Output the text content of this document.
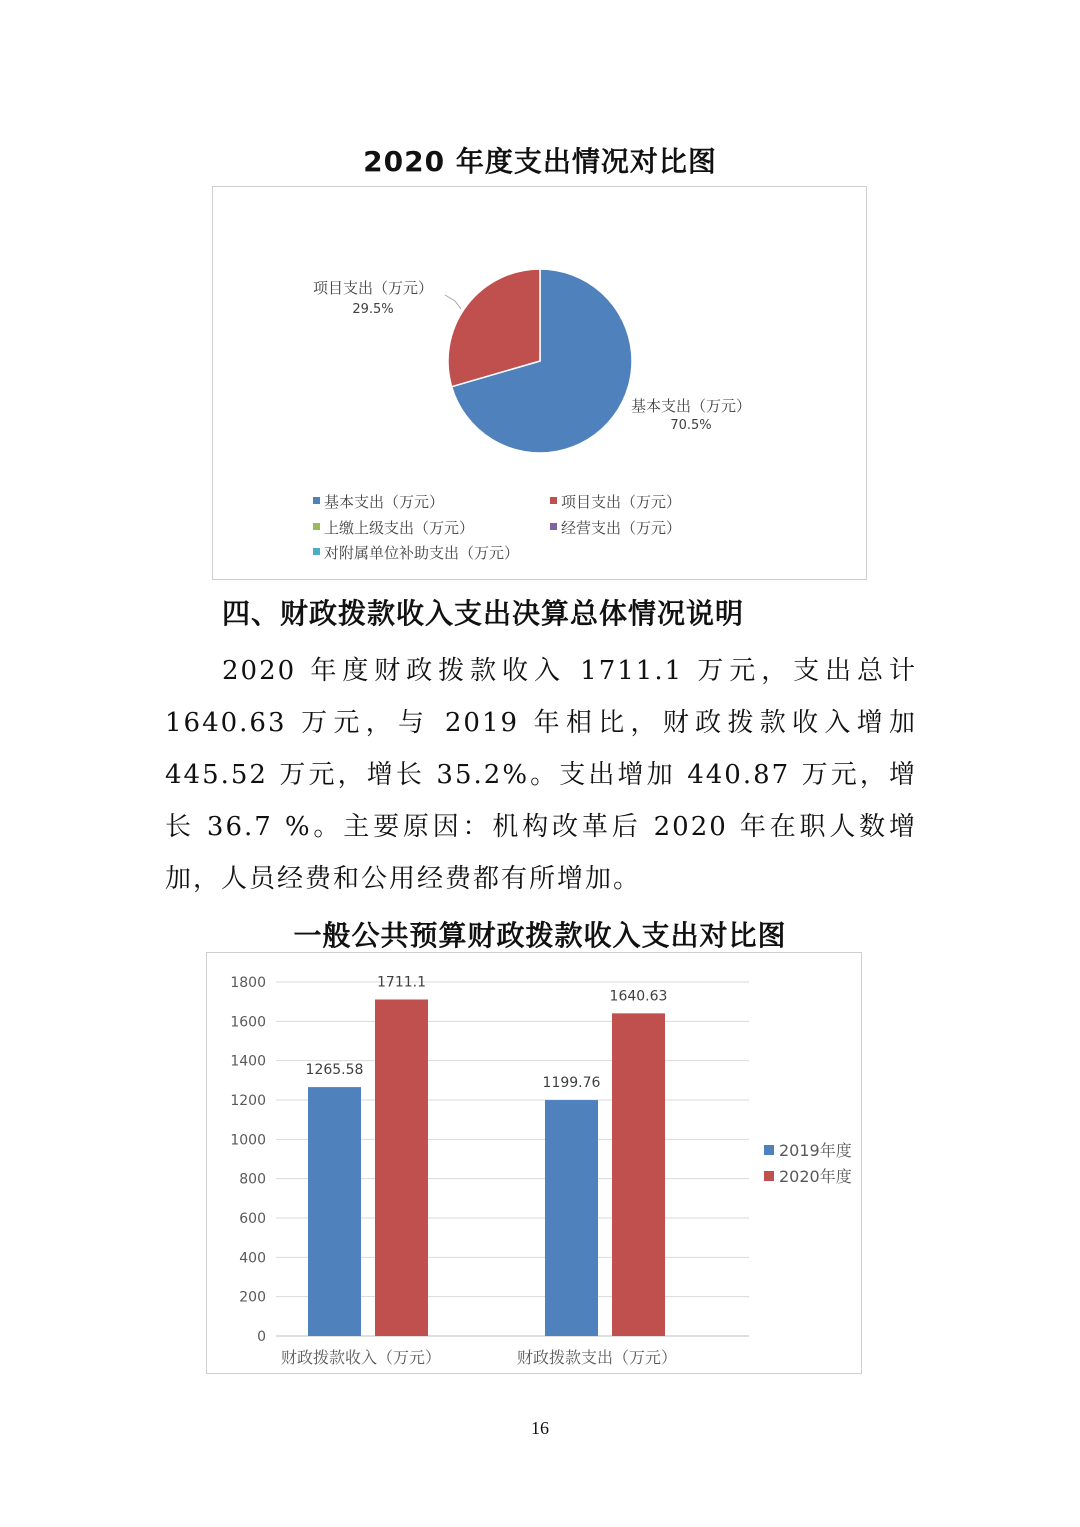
2020 年度支出情况对比图
项目支出（万元）
29.5%
基本支出（万元）
70.5%
基本支出（万元）	项目支出（万元）
上缴上级支出（万元）	经营支出（万元）
对附属单位补助支出（万元）
四、财政拨款收入支出决算总体情况说明
2020 年度财政拨款收入 1711.1 万元，支出总计 1640.63 万元，与 2019 年相比，财政拨款收入增加 445.52 万元，增长 35.2%。支出增加 440.87 万元，增长 36.7 %。主要原因：机构改革后 2020 年在职人数增加，人员经费和公用经费都有所增加。
一般公共预算财政拨款收入支出对比图
0
200
400
600
800
1000
1200
1400
1600
1800
1265.58
1199.76
1711.1
1640.63
财政拨款收入（万元）	财政拨款支出（万元）
2019年度
2020年度
16
